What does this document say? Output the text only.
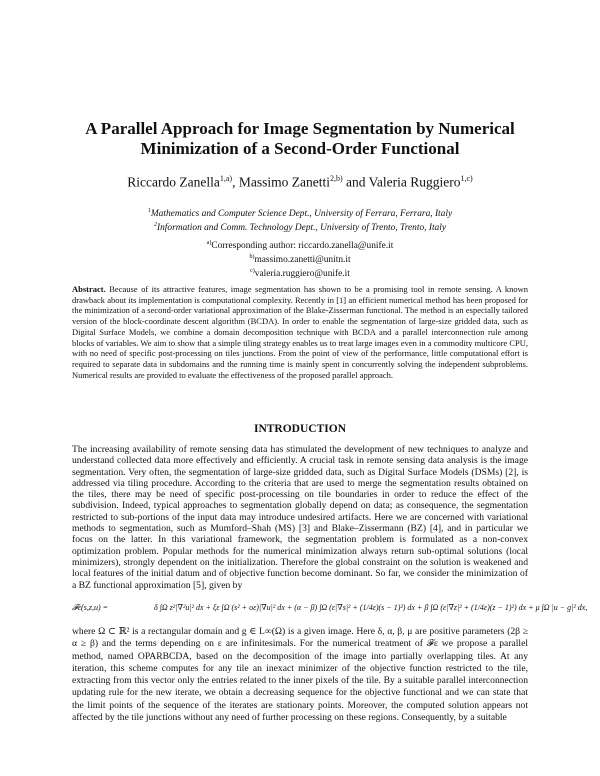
A Parallel Approach for Image Segmentation by Numerical
Minimization of a Second-Order Functional
Riccardo Zanella$^{1,a)}$, Massimo Zanetti$^{2,b)}$ and Valeria Ruggiero$^{1,c)}$
$^1$Mathematics and Computer Science Dept., University of Ferrara, Ferrara, Italy
$^2$Information and Comm. Technology Dept., University of Trento, Trento, Italy
$^{a)}$Corresponding author: riccardo.zanella@unife.it
$^{b)}$massimo.zanetti@unitn.it
$^{c)}$valeria.ruggiero@unife.it

Abstract. Because of its attractive features, image segmentation has shown to be a promising tool in remote sensing. A known drawback about its implementation is computational complexity. Recently in [1] an efficient numerical method has been proposed for the minimization of a second-order variational approximation of the Blake-Zisserman functional. The method is an especially tailored version of the block-coordinate descent algorithm (BCDA). In order to enable the segmentation of large-size gridded data, such as Digital Surface Models, we combine a domain decomposition technique with BCDA and a parallel interconnection rule among blocks of variables. We aim to show that a simple tiling strategy enables us to treat large images even in a commodity multicore CPU, with no need of specific post-processing on tiles junctions. From the point of view of the performance, little computational effort is required to separate data in subdomains and the running time is mainly spent in concurrently solving the independent subproblems. Numerical results are provided to evaluate the effectiveness of the proposed parallel approach.

INTRODUCTION

The increasing availability of remote sensing data has stimulated the development of new techniques to analyze and understand collected data more effectively and efficiently. A crucial task in remote sensing data analysis is the image segmentation. Very often, the segmentation of large-size gridded data, such as Digital Surface Models (DSMs) [2], is addressed via tiling procedure. According to the criteria that are used to merge the segmentation results obtained on the tiles, there may be need of specific post-processing on tile boundaries in order to reduce the effect of the subdivision. Indeed, typical approaches to segmentation globally depend on data; as consequence, the segmentation restricted to sub-portions of the input data may introduce undesired artifacts. Here we are concerned with variational methods to segmentation, such as Mumford–Shah (MS) [3] and Blake–Zissermann (BZ) [4], and in particular we focus on the latter. In this variational framework, the segmentation problem is formulated as a non-convex optimization problem. Popular methods for the numerical minimization always return sub-optimal solutions (local minimizers), strongly dependent on the initialization. Therefore the global constraint on the solution is weakened and local features of the initial datum and of objective function become dominant. So far, we consider the minimization of a BZ functional approximation [5], given by

𝓕ε(s,z,u) =	δ ∫Ω z²|∇²u|² dx + ξε ∫Ω (s² + oε)|∇u|² dx + (α − β) ∫Ω (ε|∇s|² + (1/4ε)(s − 1)²) dx + β ∫Ω (ε|∇z|² + (1/4ε)(z − 1)²) dx + μ ∫Ω |u − g|² dx,

where Ω ⊂ ℝ² is a rectangular domain and g ∈ L∞(Ω) is a given image. Here δ, α, β, μ are positive parameters (2β ≥ α ≥ β) and the terms depending on ε are infinitesimals. For the numerical treatment of 𝓕ε we propose a parallel method, named OPARBCDA, based on the decomposition of the image into partially overlapping tiles. At any iteration, this scheme computes for any tile an inexact minimizer of the objective function restricted to the tile, extracting from this vector only the entries related to the inner pixels of the tile. By a suitable parallel interconnection updating rule for the new iterate, we obtain a decreasing sequence for the objective functional and we can state that the limit points of the sequence of the iterates are stationary points. Moreover, the computed solution appears not affected by the tile junctions without any need of further processing on these regions. Consequently, by a suitable
